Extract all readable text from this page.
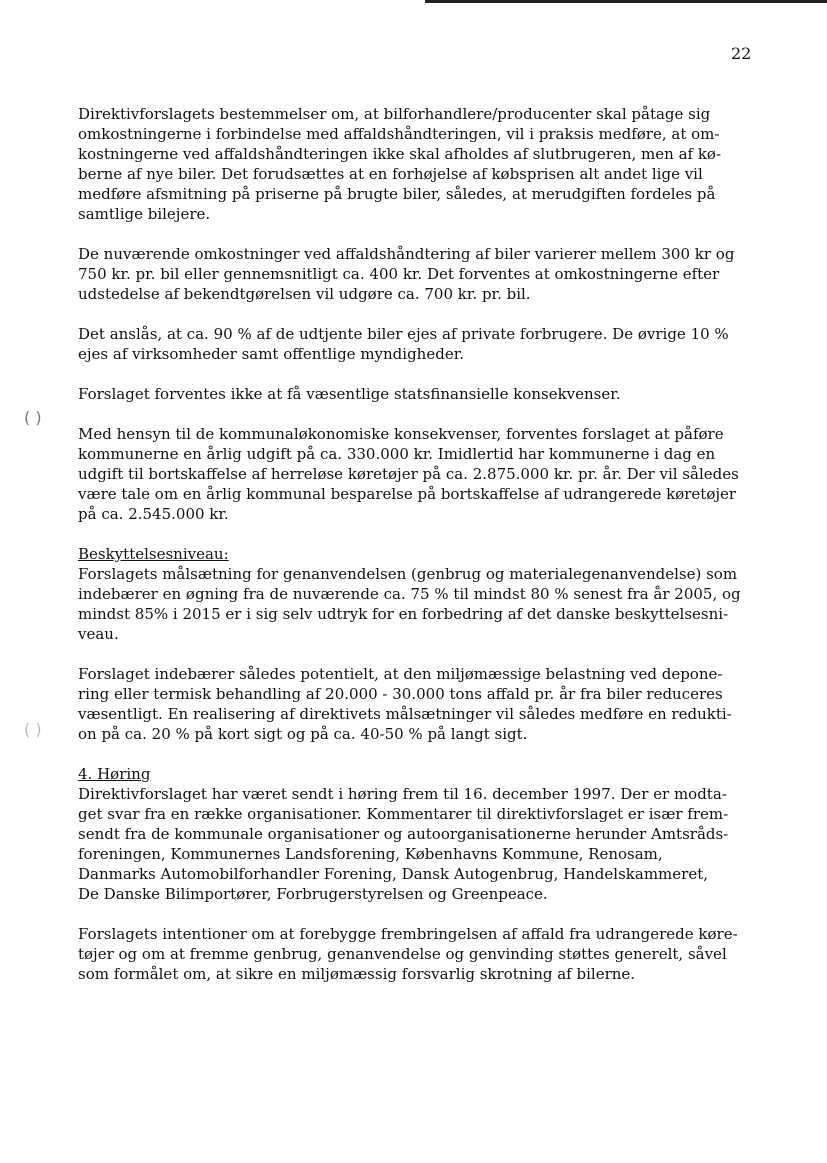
22
( )
( )
Direktivforslagets bestemmelser om, at bilforhandlere/producenter skal påtage sig
omkostningerne i forbindelse med affaldshåndteringen, vil i praksis medføre, at om-
kostningerne ved affaldshåndteringen ikke skal afholdes af slutbrugeren, men af kø-
berne af nye biler. Det forudsættes at en forhøjelse af købsprisen alt andet lige vil
medføre afsmitning på priserne på brugte biler, således, at merudgiften fordeles på
samtlige bilejere.
De nuværende omkostninger ved affaldshåndtering af biler varierer mellem 300 kr og
750 kr. pr. bil eller gennemsnitligt ca. 400 kr. Det forventes at omkostningerne efter
udstedelse af bekendtgørelsen vil udgøre ca. 700 kr. pr. bil.
Det anslås, at ca. 90 % af de udtjente biler ejes af private forbrugere. De øvrige 10 %
ejes af virksomheder samt offentlige myndigheder.
Forslaget forventes ikke at få væsentlige statsfinansielle konsekvenser.
Med hensyn til de kommunaløkonomiske konsekvenser, forventes forslaget at påføre
kommunerne en årlig udgift på ca. 330.000 kr. Imidlertid har kommunerne i dag en
udgift til bortskaffelse af herreløse køretøjer på ca. 2.875.000 kr. pr. år. Der vil således
være tale om en årlig kommunal besparelse på bortskaffelse af udrangerede køretøjer
på ca. 2.545.000 kr.
Beskyttelsesniveau:
Forslagets målsætning for genanvendelsen (genbrug og materialegenanvendelse) som
indebærer en øgning fra de nuværende ca. 75 % til mindst 80 % senest fra år 2005, og
mindst 85% i 2015 er i sig selv udtryk for en forbedring af det danske beskyttelsesni-
veau.
Forslaget indebærer således potentielt, at den miljømæssige belastning ved depone-
ring eller termisk behandling af 20.000 - 30.000 tons affald pr. år fra biler reduceres
væsentligt. En realisering af direktivets målsætninger vil således medføre en redukti-
on på ca. 20 % på kort sigt og på ca. 40-50 % på langt sigt.
4. Høring
Direktivforslaget har været sendt i høring frem til 16. december 1997. Der er modta-
get svar fra en række organisationer. Kommentarer til direktivforslaget er især frem-
sendt fra de kommunale organisationer og autoorganisationerne herunder Amtsråds-
foreningen, Kommunernes Landsforening, Københavns Kommune, Renosam,
Danmarks Automobilforhandler Forening, Dansk Autogenbrug, Handelskammeret,
De Danske Bilimportører, Forbrugerstyrelsen og Greenpeace.
Forslagets intentioner om at forebygge frembringelsen af affald fra udrangerede køre-
tøjer og om at fremme genbrug, genanvendelse og genvinding støttes generelt, såvel
som formålet om, at sikre en miljømæssig forsvarlig skrotning af bilerne.
